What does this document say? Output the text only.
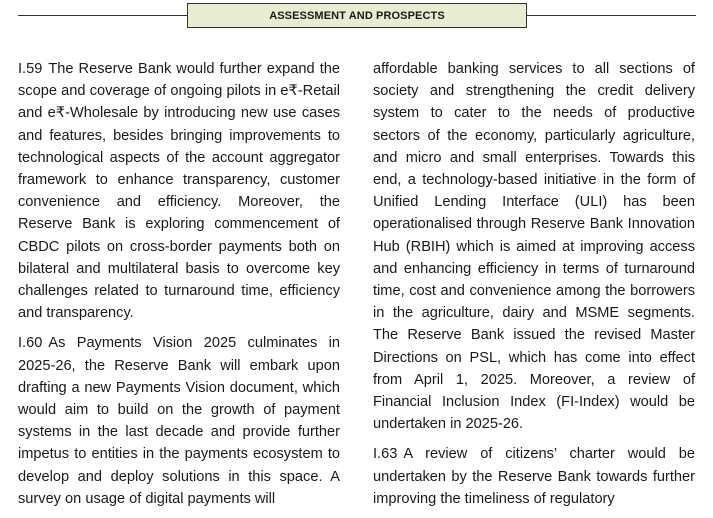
ASSESSMENT AND PROSPECTS

I.59 The Reserve Bank would further expand the scope and coverage of ongoing pilots in e₹-Retail and e₹-Wholesale by introducing new use cases and features, besides bringing improvements to technological aspects of the account aggregator framework to enhance transparency, customer convenience and efficiency. Moreover, the Reserve Bank is exploring commencement of CBDC pilots on cross-border payments both on bilateral and multilateral basis to overcome key challenges related to turnaround time, efficiency and transparency.

I.60 As Payments Vision 2025 culminates in 2025-26, the Reserve Bank will embark upon drafting a new Payments Vision document, which would aim to build on the growth of payment systems in the last decade and provide further impetus to entities in the payments ecosystem to develop and deploy solutions in this space. A survey on usage of digital payments will

affordable banking services to all sections of society and strengthening the credit delivery system to cater to the needs of productive sectors of the economy, particularly agriculture, and micro and small enterprises. Towards this end, a technology-based initiative in the form of Unified Lending Interface (ULI) has been operationalised through Reserve Bank Innovation Hub (RBIH) which is aimed at improving access and enhancing efficiency in terms of turnaround time, cost and convenience among the borrowers in the agriculture, dairy and MSME segments. The Reserve Bank issued the revised Master Directions on PSL, which has come into effect from April 1, 2025. Moreover, a review of Financial Inclusion Index (FI-Index) would be undertaken in 2025-26.

I.63 A review of citizens’ charter would be undertaken by the Reserve Bank towards further improving the timeliness of regulatory
